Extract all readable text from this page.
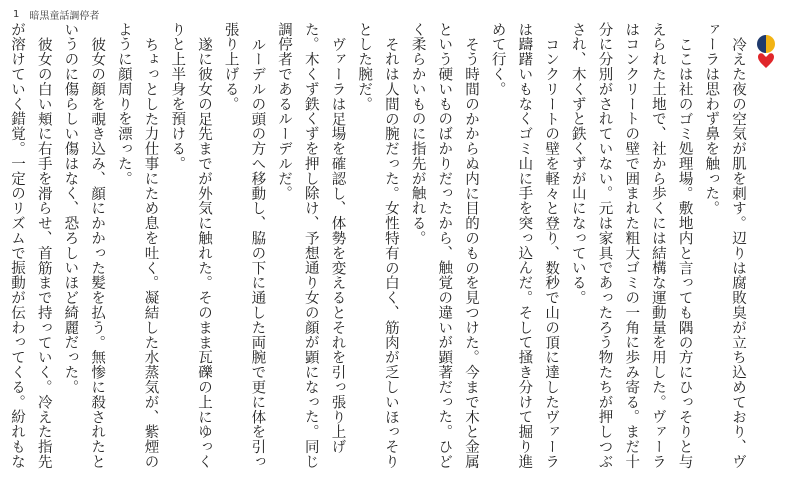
1 暗黒童話調停者

冷えた夜の空気が肌を刺す。辺りは腐敗臭が立ち込めており、ヴァーラは思わず鼻を触った。

ここは社のゴミ処理場。敷地内と言っても隅の方にひっそりと与えられた土地で、社から歩くには結構な運動量を用した。ヴァーラはコンクリートの壁で囲まれた粗大ゴミの一角に歩み寄る。まだ十分に分別がされていない。元は家具であったろう物たちが押しつぶされ、木くずと鉄くずが山になっている。

コンクリートの壁を軽々と登り、数秒で山の頂に達したヴァーラは躊躇いもなくゴミ山に手を突っ込んだ。そして掻き分けて掘り進めて行く。

そう時間のかからぬ内に目的のものを見つけた。今まで木と金属という硬いものばかりだったから、触覚の違いが顕著だった。ひどく柔らかいものに指先が触れる。

それは人間の腕だった。女性特有の白く、筋肉が乏しいほっそりとした腕だ。

ヴァーラは足場を確認し、体勢を変えるとそれを引っ張り上げた。木くず鉄くずを押し除け、予想通り女の顔が顕になった。同じ調停者であるルーデルだ。

ルーデルの頭の方へ移動し、脇の下に通した両腕で更に体を引っ張り上げる。

遂に彼女の足先までが外気に触れた。そのまま瓦礫の上にゆっくりと上半身を預ける。

ちょっとした力仕事にため息を吐く。凝結した水蒸気が、紫煙のように顔周りを漂った。

彼女の顔を覗き込み、顔にかかった髪を払う。無惨に殺されたというのに傷らしい傷はなく、恐ろしいほど綺麗だった。

彼女の白い頬に右手を滑らせ、首筋まで持っていく。冷えた指先が溶けていく錯覚。一定のリズムで振動が伝わってくる。紛れもな
